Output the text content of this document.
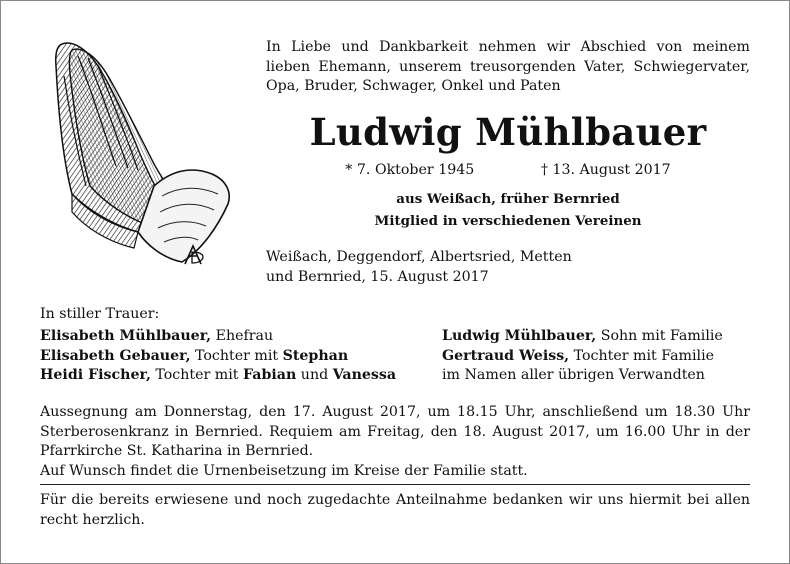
In Liebe und Dankbarkeit nehmen wir Abschied von meinem lieben Ehemann, unserem treusorgenden Vater, Schwiegervater, Opa, Bruder, Schwager, Onkel und Paten
Ludwig Mühlbauer
* 7. Oktober 1945	† 13. August 2017
aus Weißach, früher Bernried
Mitglied in verschiedenen Vereinen
Weißach, Deggendorf, Albertsried, Metten
und Bernried, 15. August 2017
In stiller Trauer:
Elisabeth Mühlbauer, Ehefrau
Elisabeth Gebauer, Tochter mit Stephan
Heidi Fischer, Tochter mit Fabian und Vanessa
Ludwig Mühlbauer, Sohn mit Familie
Gertraud Weiss, Tochter mit Familie
im Namen aller übrigen Verwandten

Aussegnung am Donnerstag, den 17. August 2017, um 18.15 Uhr, anschließend um 18.30 Uhr Sterberosenkranz in Bernried. Requiem am Freitag, den 18. August 2017, um 16.00 Uhr in der Pfarrkirche St. Katharina in Bernried.

Auf Wunsch findet die Urnenbeisetzung im Kreise der Familie statt.

Für die bereits erwiesene und noch zugedachte Anteilnahme bedanken wir uns hiermit bei allen recht herzlich.
